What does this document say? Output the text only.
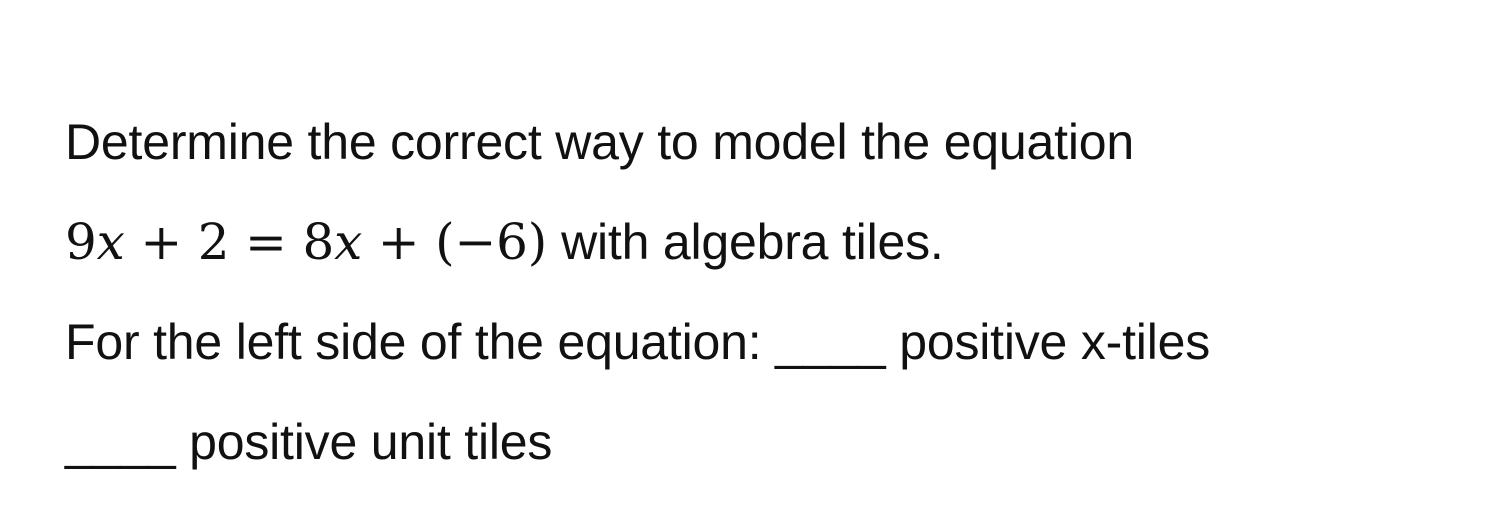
Determine the correct way to model the equation
9x + 2 = 8x + (−6) with algebra tiles.
For the left side of the equation: ____ positive x-tiles
____ positive unit tiles
